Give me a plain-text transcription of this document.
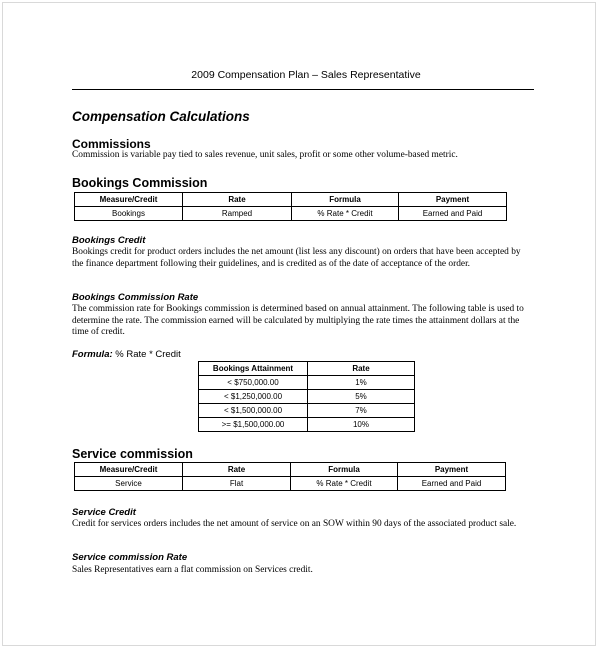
2009 Compensation Plan – Sales Representative
Compensation Calculations
Commissions
Commission is variable pay tied to sales revenue, unit sales, profit or some other volume-based metric.
Bookings Commission
Measure/Credit	Rate	Formula	Payment
Bookings	Ramped	% Rate * Credit	Earned and Paid
Bookings Credit
Bookings credit for product orders includes the net amount (list less any discount) on orders that have been accepted by the finance department following their guidelines, and is credited as of the date of acceptance of the order.
Bookings Commission Rate
The commission rate for Bookings commission is determined based on annual attainment. The following table is used to determine the rate. The commission earned will be calculated by multiplying the rate times the attainment dollars at the time of credit.
Formula: % Rate * Credit
Bookings Attainment	Rate
< $750,000.00	1%
< $1,250,000.00	5%
< $1,500,000.00	7%
>= $1,500,000.00	10%
Service commission
Measure/Credit	Rate	Formula	Payment
Service	Flat	% Rate * Credit	Earned and Paid
Service Credit
Credit for services orders includes the net amount of service on an SOW within 90 days of the associated product sale.
Service commission Rate
Sales Representatives earn a flat commission on Services credit.
